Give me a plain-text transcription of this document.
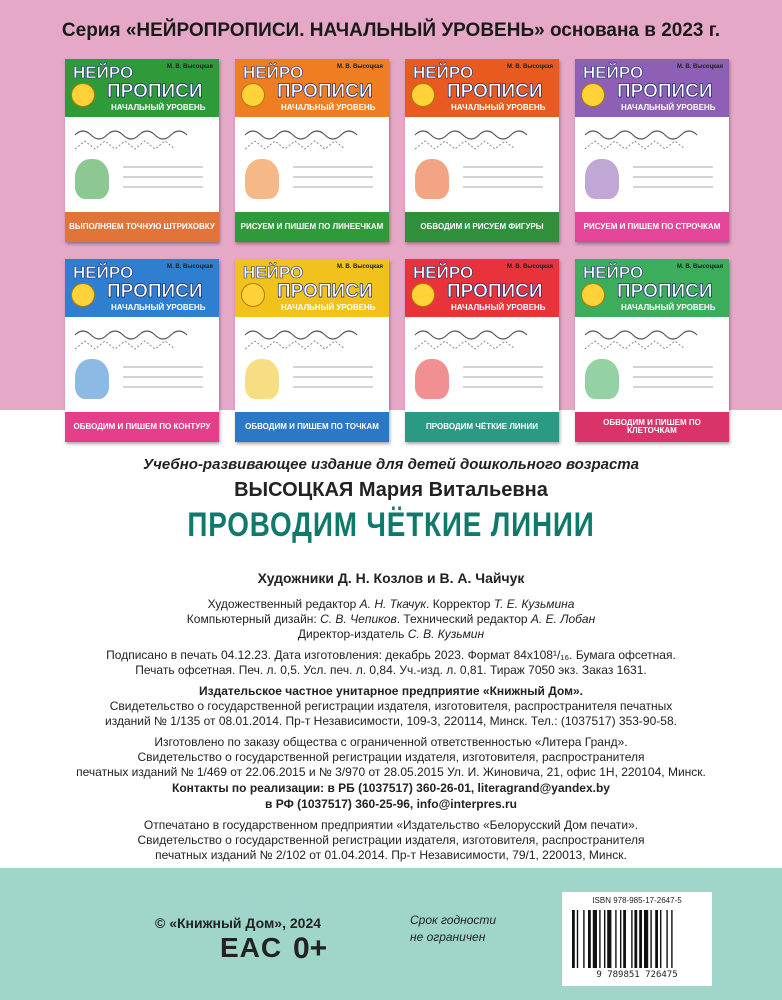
Серия «НЕЙРОПРОПИСИ. НАЧАЛЬНЫЙ УРОВЕНЬ» основана в 2023 г.
НЕЙРО	М. В. Высоцкая
ПРОПИСИ
НАЧАЛЬНЫЙ УРОВЕНЬ
ВЫПОЛНЯЕМ ТОЧНУЮ ШТРИХОВКУ
НЕЙРО	М. В. Высоцкая
ПРОПИСИ
НАЧАЛЬНЫЙ УРОВЕНЬ
РИСУЕМ И ПИШЕМ ПО ЛИНЕЕЧКАМ
НЕЙРО	М. В. Высоцкая
ПРОПИСИ
НАЧАЛЬНЫЙ УРОВЕНЬ
ОБВОДИМ И РИСУЕМ ФИГУРЫ
НЕЙРО	М. В. Высоцкая
ПРОПИСИ
НАЧАЛЬНЫЙ УРОВЕНЬ
РИСУЕМ И ПИШЕМ ПО СТРОЧКАМ
НЕЙРО	М. В. Высоцкая
ПРОПИСИ
НАЧАЛЬНЫЙ УРОВЕНЬ
ОБВОДИМ И ПИШЕМ ПО КОНТУРУ
НЕЙРО	М. В. Высоцкая
ПРОПИСИ
НАЧАЛЬНЫЙ УРОВЕНЬ
ОБВОДИМ И ПИШЕМ ПО ТОЧКАМ
НЕЙРО	М. В. Высоцкая
ПРОПИСИ
НАЧАЛЬНЫЙ УРОВЕНЬ
ПРОВОДИМ ЧЁТКИЕ ЛИНИИ
НЕЙРО	М. В. Высоцкая
ПРОПИСИ
НАЧАЛЬНЫЙ УРОВЕНЬ
ОБВОДИМ И ПИШЕМ ПО КЛЕТОЧКАМ
Учебно-развивающее издание для детей дошкольного возраста
ВЫСОЦКАЯ Мария Витальевна
ПРОВОДИМ ЧЁТКИЕ ЛИНИИ
Художники Д. Н. Козлов и В. А. Чайчук
Художественный редактор А. Н. Ткачук. Корректор Т. Е. Кузьмина
Компьютерный дизайн: С. В. Чепиков. Технический редактор А. Е. Лобан
Директор-издатель С. В. Кузьмин
Подписано в печать 04.12.23. Дата изготовления: декабрь 2023. Формат 84х108¹/₁₆. Бумага офсетная.
Печать офсетная. Печ. л. 0,5. Усл. печ. л. 0,84. Уч.-изд. л. 0,81. Тираж 7050 экз. Заказ 1631.
Издательское частное унитарное предприятие «Книжный Дом».
Свидетельство о государственной регистрации издателя, изготовителя, распространителя печатных
изданий № 1/135 от 08.01.2014. Пр-т Независимости, 109-3, 220114, Минск. Тел.: (1037517) 353-90-58.
Изготовлено по заказу общества с ограниченной ответственностью «Литера Гранд».
Свидетельство о государственной регистрации издателя, изготовителя, распространителя
печатных изданий № 1/469 от 22.06.2015 и № 3/970 от 28.05.2015 Ул. И. Жиновича, 21, офис 1Н, 220104, Минск.
Контакты по реализации: в РБ (1037517) 360-26-01, literagrand@yandex.by
в РФ (1037517) 360-25-96, info@interpres.ru
Отпечатано в государственном предприятии «Издательство «Белорусский Дом печати».
Свидетельство о государственной регистрации издателя, изготовителя, распространителя
печатных изданий № 2/102 от 01.04.2014. Пр-т Независимости, 79/1, 220013, Минск.
© «Книжный Дом», 2024
EAC 0+
Срок годности
не ограничен
ISBN 978-985-17-2647-5
9 789851 726475
